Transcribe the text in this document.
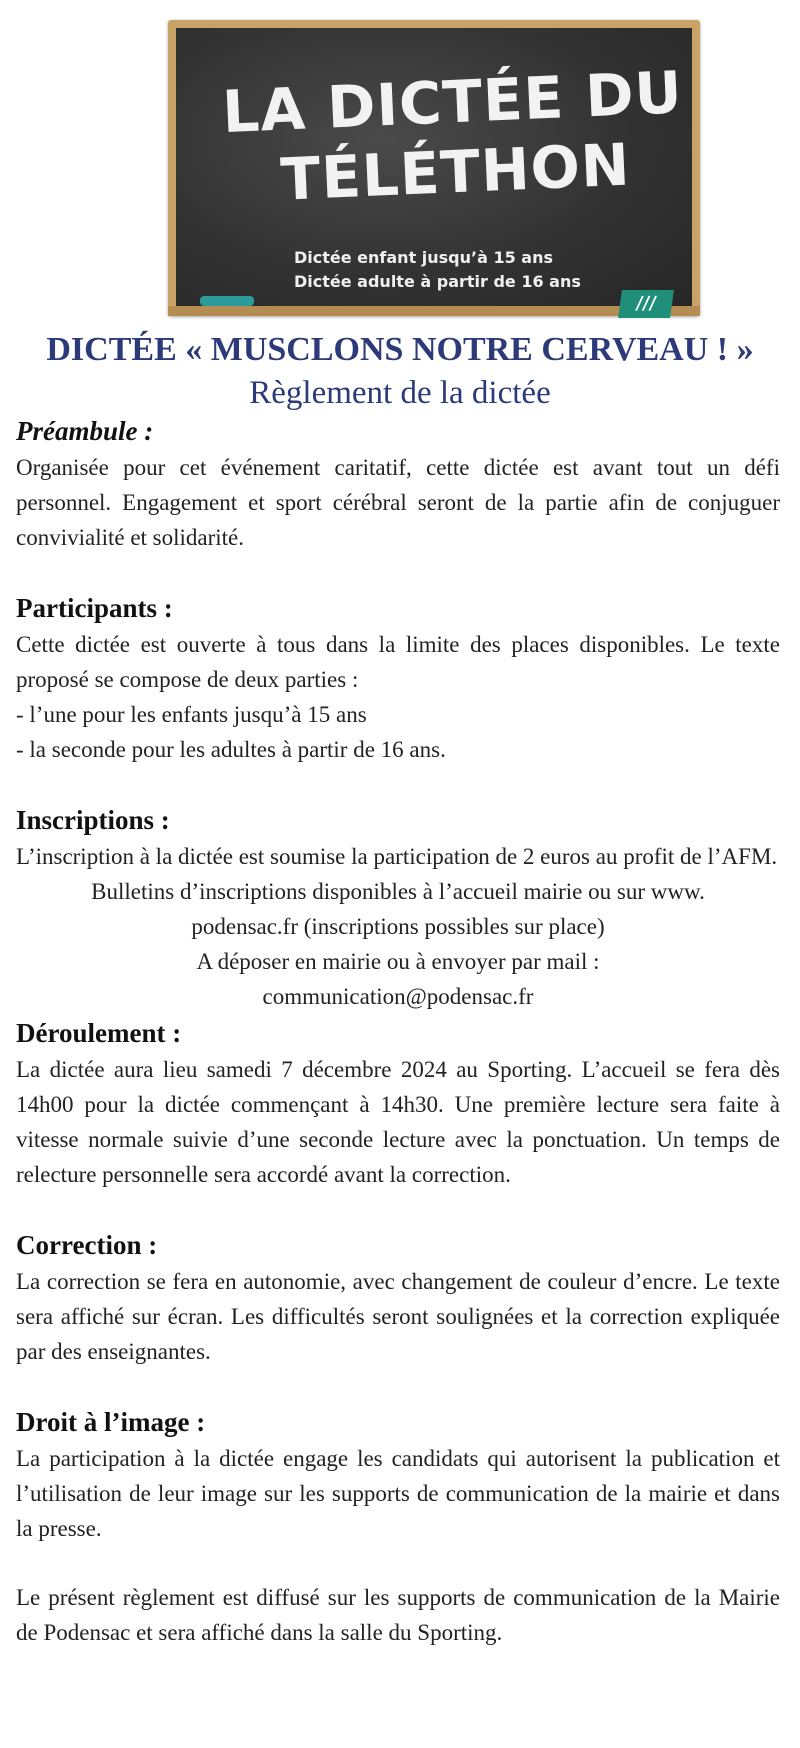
LA DICTÉE DU
TÉLÉTHON
Dictée enfant jusqu’à 15 ans
Dictée adulte à partir de 16 ans
///
DICTÉE « MUSCLONS NOTRE CERVEAU ! »
Règlement de la dictée

Préambule :

Organisée pour cet événement caritatif, cette dictée est avant tout un défi personnel. Engagement et sport cérébral seront de la partie afin de conjuguer convivialité et solidarité.

Participants :

Cette dictée est ouverte à tous dans la limite des places disponibles. Le texte proposé se compose de deux parties :

- l’une pour les enfants jusqu’à 15 ans

- la seconde pour les adultes à partir de 16 ans.

Inscriptions :

L’inscription à la dictée est soumise la participation de 2 euros au profit de l’AFM.

Bulletins d’inscriptions disponibles à l’accueil mairie ou sur www.

podensac.fr (inscriptions possibles sur place)

A déposer en mairie ou à envoyer par mail :

communication@podensac.fr

Déroulement :

La dictée aura lieu samedi 7 décembre 2024 au Sporting. L’accueil se fera dès 14h00 pour la dictée commençant à 14h30. Une première lecture sera faite à vitesse normale suivie d’une seconde lecture avec la ponctuation. Un temps de relecture personnelle sera accordé avant la correction.

Correction :

La correction se fera en autonomie, avec changement de couleur d’encre. Le texte sera affiché sur écran. Les difficultés seront soulignées et la correction expliquée par des enseignantes.

Droit à l’image :

La participation à la dictée engage les candidats qui autorisent la publication et l’utilisation de leur image sur les supports de communication de la mairie et dans la presse.

Le présent règlement est diffusé sur les supports de communication de la Mairie de Podensac et sera affiché dans la salle du Sporting.
